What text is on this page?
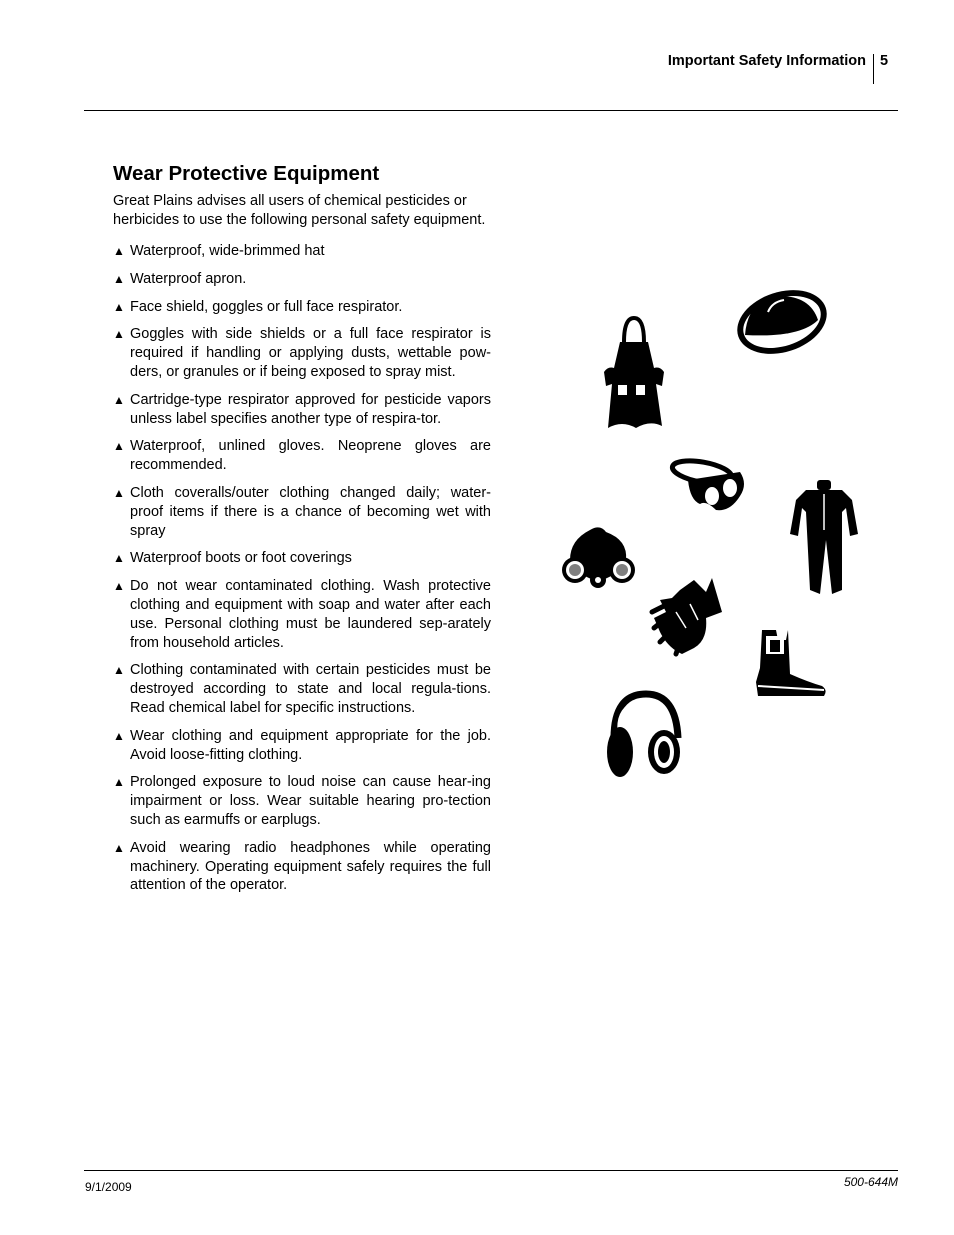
Important Safety Information 5
Wear Protective Equipment

Great Plains advises all users of chemical pesticides or herbicides to use the following personal safety equipment.

▲ Waterproof, wide-brimmed hat
▲ Waterproof apron.
▲ Face shield, goggles or full face respirator.
▲ Goggles with side shields or a full face respirator is required if handling or applying dusts, wettable pow-ders, or granules or if being exposed to spray mist.
▲ Cartridge-type respirator approved for pesticide vapors unless label specifies another type of respira-tor.
▲ Waterproof, unlined gloves. Neoprene gloves are recommended.
▲ Cloth coveralls/outer clothing changed daily; water-proof items if there is a chance of becoming wet with spray
▲ Waterproof boots or foot coverings
▲ Do not wear contaminated clothing. Wash protective clothing and equipment with soap and water after each use. Personal clothing must be laundered sep-arately from household articles.
▲ Clothing contaminated with certain pesticides must be destroyed according to state and local regula-tions. Read chemical label for specific instructions.
▲ Wear clothing and equipment appropriate for the job. Avoid loose-fitting clothing.
▲ Prolonged exposure to loud noise can cause hear-ing impairment or loss. Wear suitable hearing pro-tection such as earmuffs or earplugs.
▲ Avoid wearing radio headphones while operating machinery. Operating equipment safely requires the full attention of the operator.
9/1/2009	500-644M
